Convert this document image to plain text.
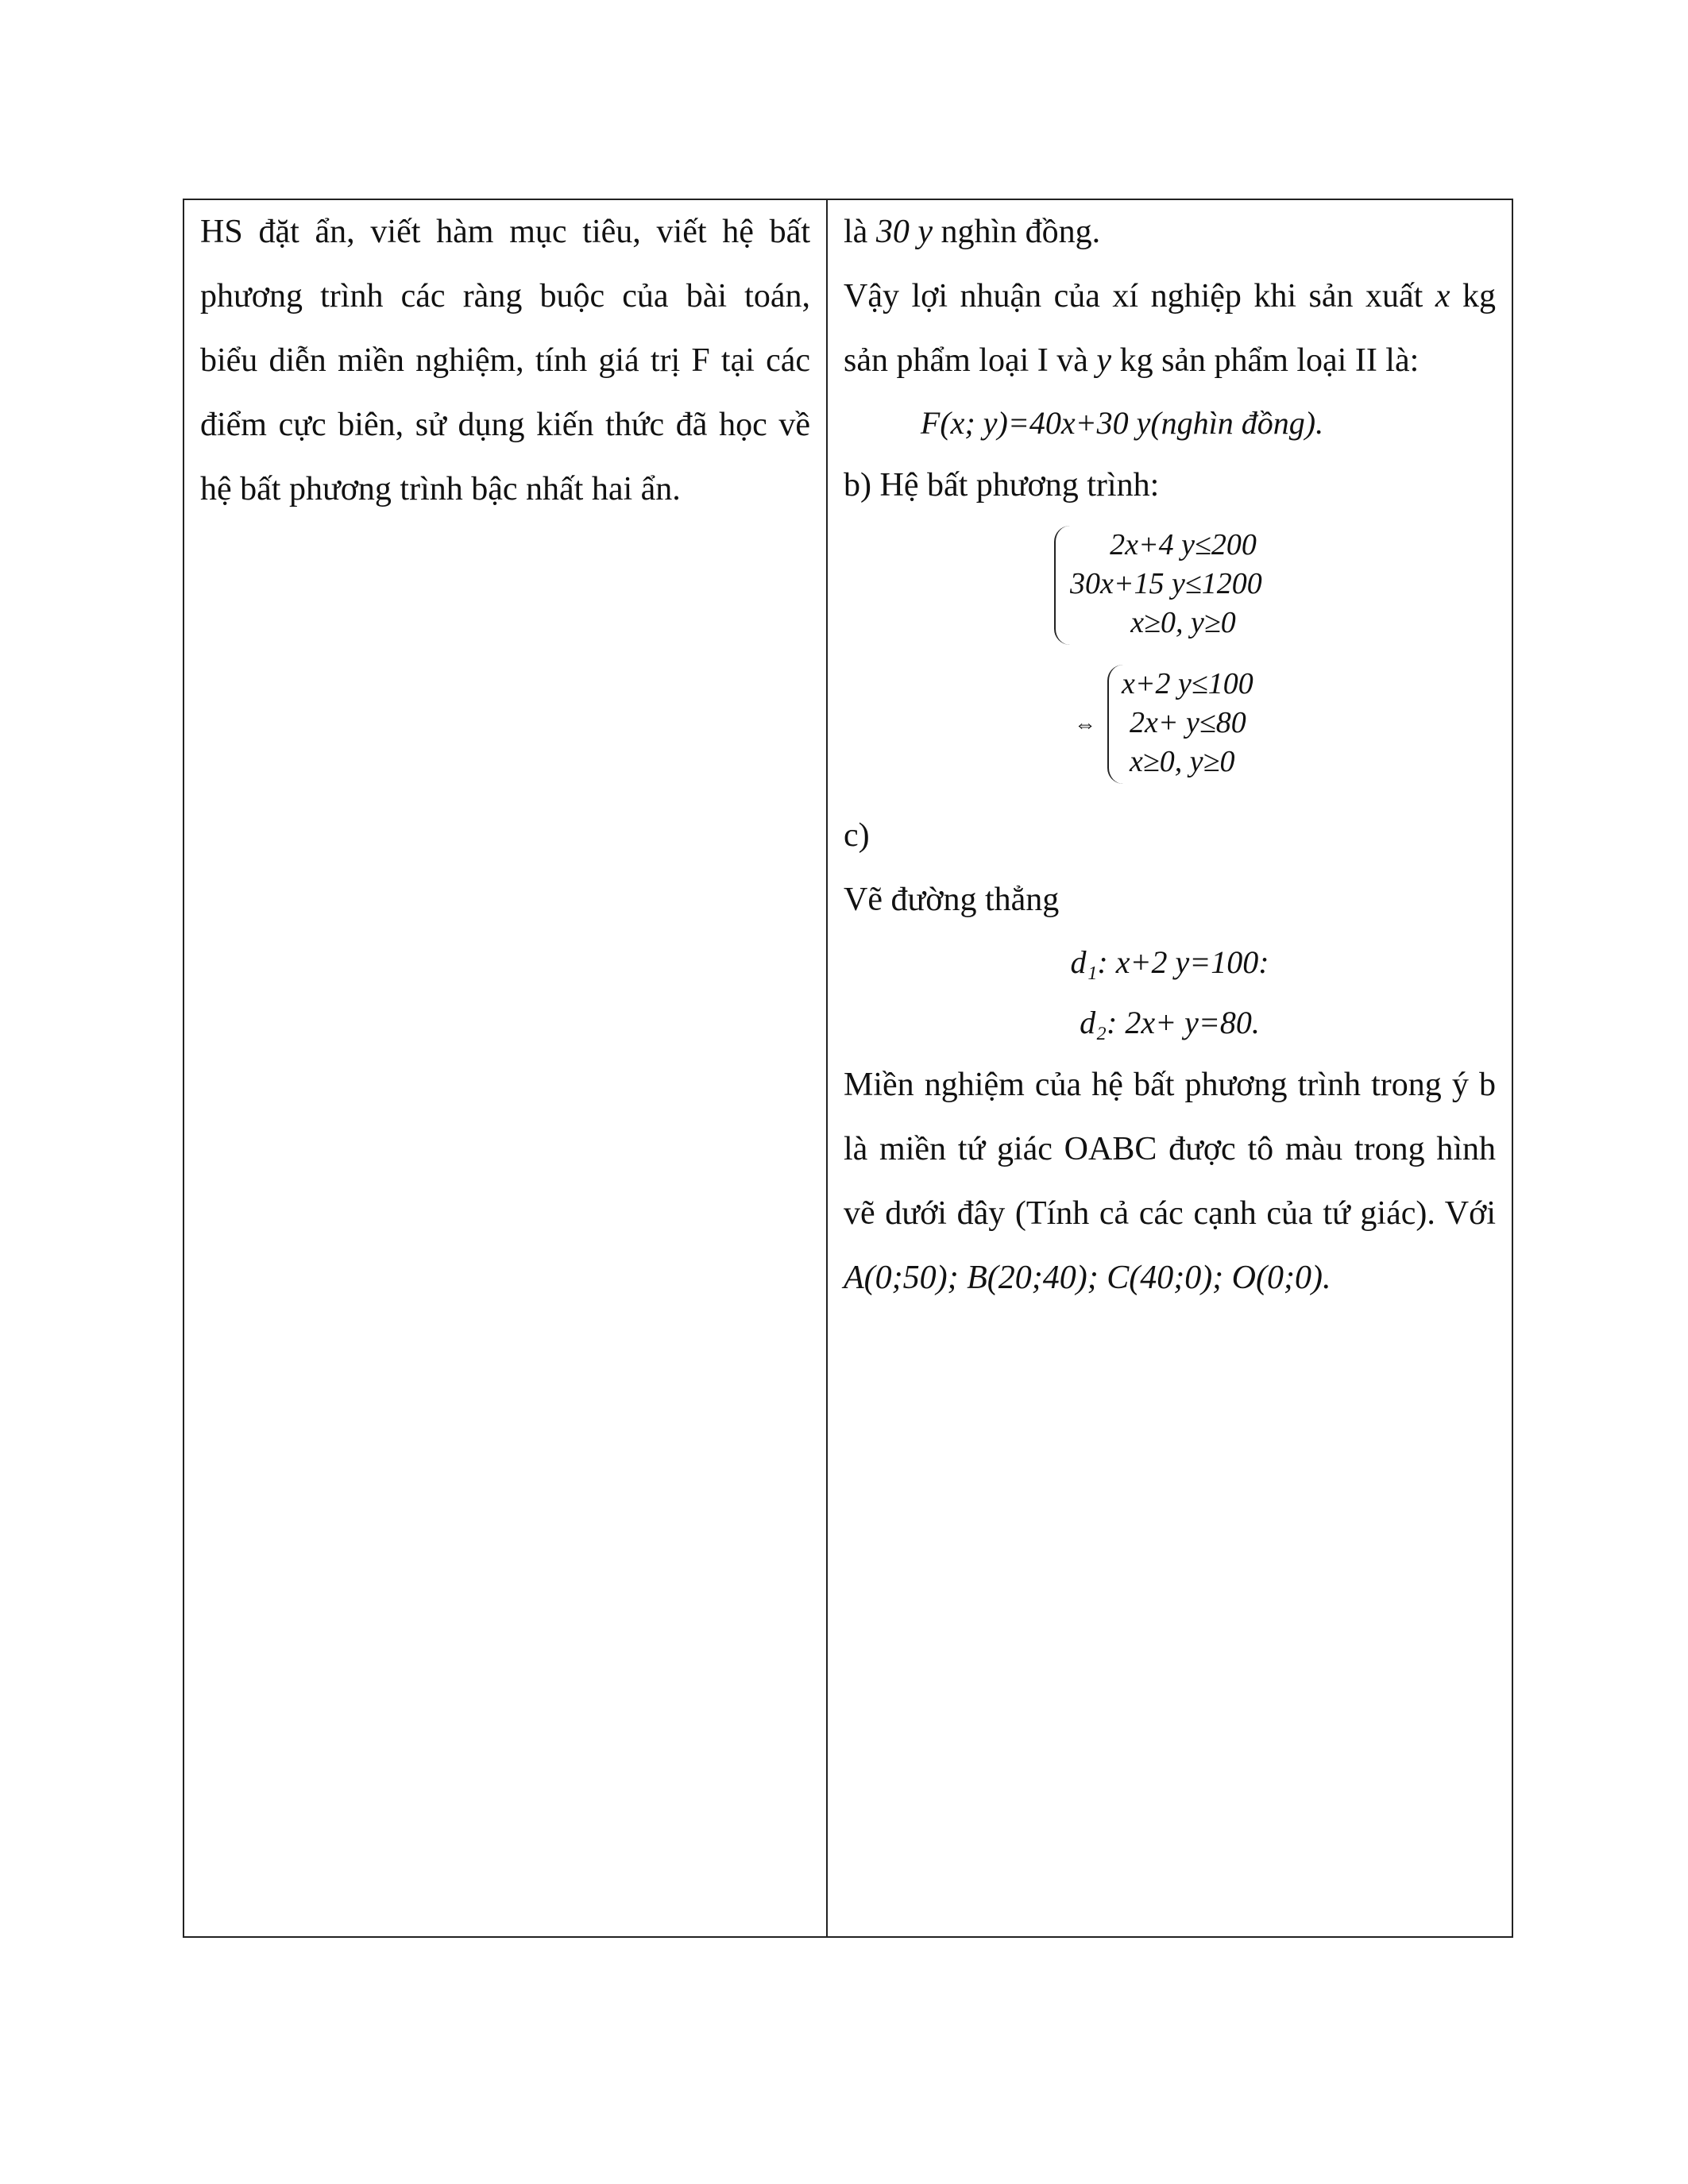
HS đặt ẩn, viết hàm mục tiêu, viết hệ bất phương trình các ràng buộc của bài toán, biểu diễn miền nghiệm, tính giá trị F tại các điểm cực biên, sử dụng kiến thức đã học về hệ bất phương trình bậc nhất hai ẩn.

là 30 y nghìn đồng.

Vậy lợi nhuận của xí nghiệp khi sản xuất x kg sản phẩm loại I và y kg sản phẩm loại II là:

F(x; y)=40x+30 y(nghìn đồng).

b) Hệ bất phương trình:

2x+4 y≤200
30x+15 y≤1200
x≥0, y≥0
⇔
x+2 y≤100
2x+ y≤80
x≥0, y≥0

c)

Vẽ đường thẳng

d₁: x+2 y=100:

d₂: 2x+ y=80.

Miền nghiệm của hệ bất phương trình trong ý b là miền tứ giác OABC được tô màu trong hình vẽ dưới đây (Tính cả các cạnh của tứ giác). Với

A(0;50); B(20;40); C(40;0); O(0;0).
